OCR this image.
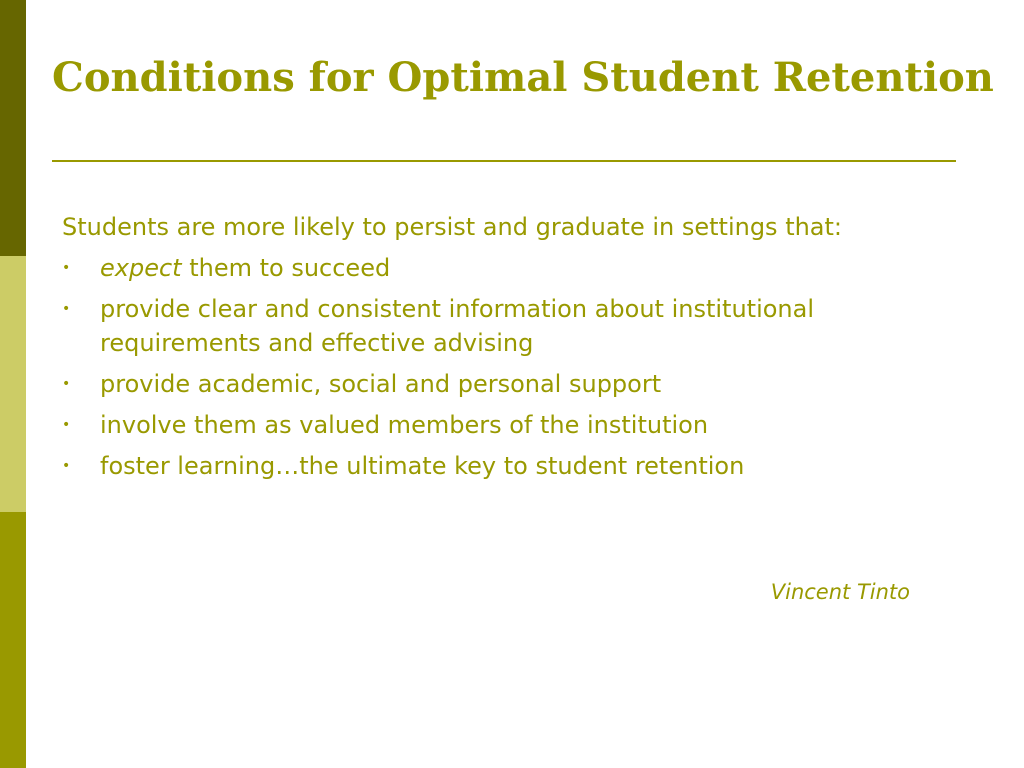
Conditions for Optimal Student Retention

Students are more likely to persist and graduate in settings that:

• expect them to succeed
• provide clear and consistent information about institutional requirements and effective advising
• provide academic, social and personal support
• involve them as valued members of the institution
• foster learning…the ultimate key to student retention
Vincent Tinto
